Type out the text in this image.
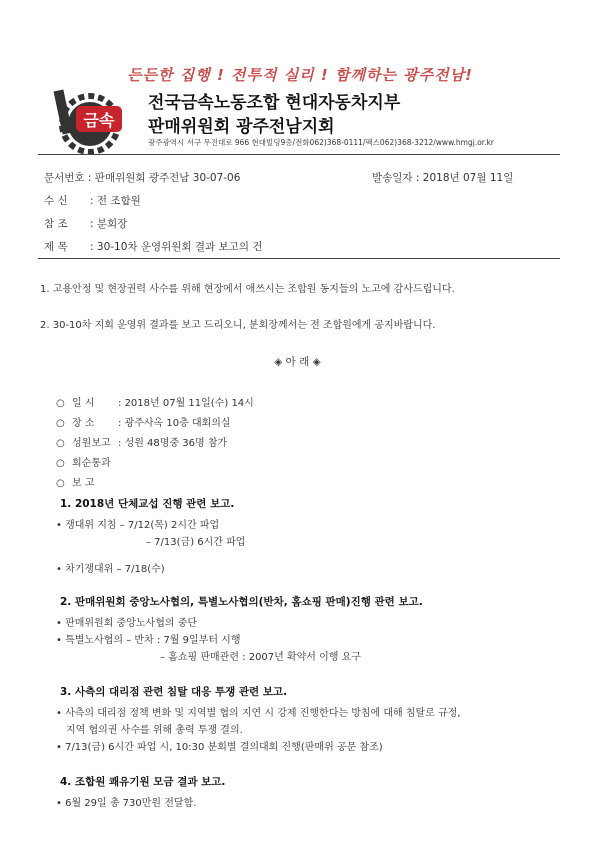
든든한 집행 ! 전투적 실리 ! 함께하는 광주전남!
금속
전국금속노동조합 현대자동차지부
판매위원회 광주전남지회
광주광역시 서구 무진대로 966 현대빌딩9층/전화062)368-0111/팩스062)368-3212/www.hmgj.or.kr
문서번호 : 판매위원회 광주전남 30-07-06	발송일자 : 2018년 07월 11일
수 신 : 전 조합원
참 조 : 분회장
제 목 : 30-10차 운영위원회 결과 보고의 건
1. 고용안정 및 현장권력 사수를 위해 현장에서 애쓰시는 조합원 동지들의 노고에 감사드립니다.
2. 30-10차 지회 운영위 결과를 보고 드리오니, 분회장께서는 전 조합원에게 공지바랍니다.
◈ 아 래 ◈
○ 일 시 : 2018년 07월 11일(수) 14시
○ 장 소 : 광주사옥 10층 대회의실
○ 성원보고 : 성원 48명중 36명 참가
○ 회순통과
○ 보 고
1. 2018년 단체교섭 진행 관련 보고.
• 쟁대위 지침 – 7/12(목) 2시간 파업
– 7/13(금) 6시간 파업
• 차기쟁대위 – 7/18(수)
2. 판매위원회 중앙노사협의, 특별노사협의(반차, 홈쇼핑 판매)진행 관련 보고.
• 판매위원회 중앙노사협의 중단
• 특별노사협의 – 반차 : 7월 9일부터 시행
– 홈쇼핑 판매관련 : 2007년 확약서 이행 요구
3. 사측의 대리점 관련 침탈 대응 투쟁 관련 보고.
• 사측의 대리점 정책 변화 및 지역별 협의 지연 시 강제 진행한다는 방침에 대해 침탈로 규정,
지역 협의권 사수를 위해 총력 투쟁 결의.
• 7/13(금) 6시간 파업 시, 10:30 분회별 결의대회 진행(판매위 공문 참조)
4. 조합원 쾌유기원 모금 결과 보고.
• 6월 29일 총 730만원 전달함.
